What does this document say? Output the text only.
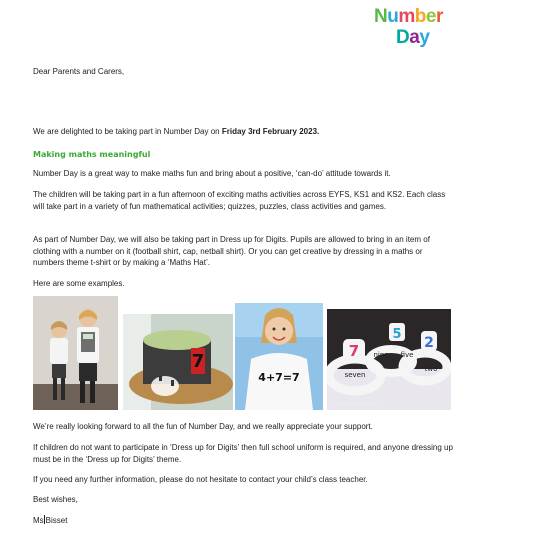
Number
Day

Dear Parents and Carers,

We are delighted to be taking part in Number Day on Friday 3rd February 2023.

Making maths meaningful

Number Day is a great way to make maths fun and bring about a positive, ‘can-do’ attitude towards it.

The children will be taking part in a fun afternoon of exciting maths activities across EYFS, KS1 and KS2. Each class will take part in a variety of fun mathematical activities; quizzes, puzzles, class activities and games.

As part of Number Day, we will also be taking part in Dress up for Digits. Pupils are allowed to bring in an item of clothing with a number on it (football shirt, cap, netball shirt). Or you can get creative by dressing in a maths or numbers theme t-shirt or by making a ‘Maths Hat’.

Here are some examples.

7
4+7=7
7
seven
5
nine five
2
two
© Seventh of Learning

We’re really looking forward to all the fun of Number Day, and we really appreciate your support.

If children do not want to participate in ‘Dress up for Digits’ then full school uniform is required, and anyone dressing up must be in the ‘Dress up for Digits’ theme.

If you need any further information, please do not hesitate to contact your child’s class teacher.

Best wishes,

Ms Bisset
